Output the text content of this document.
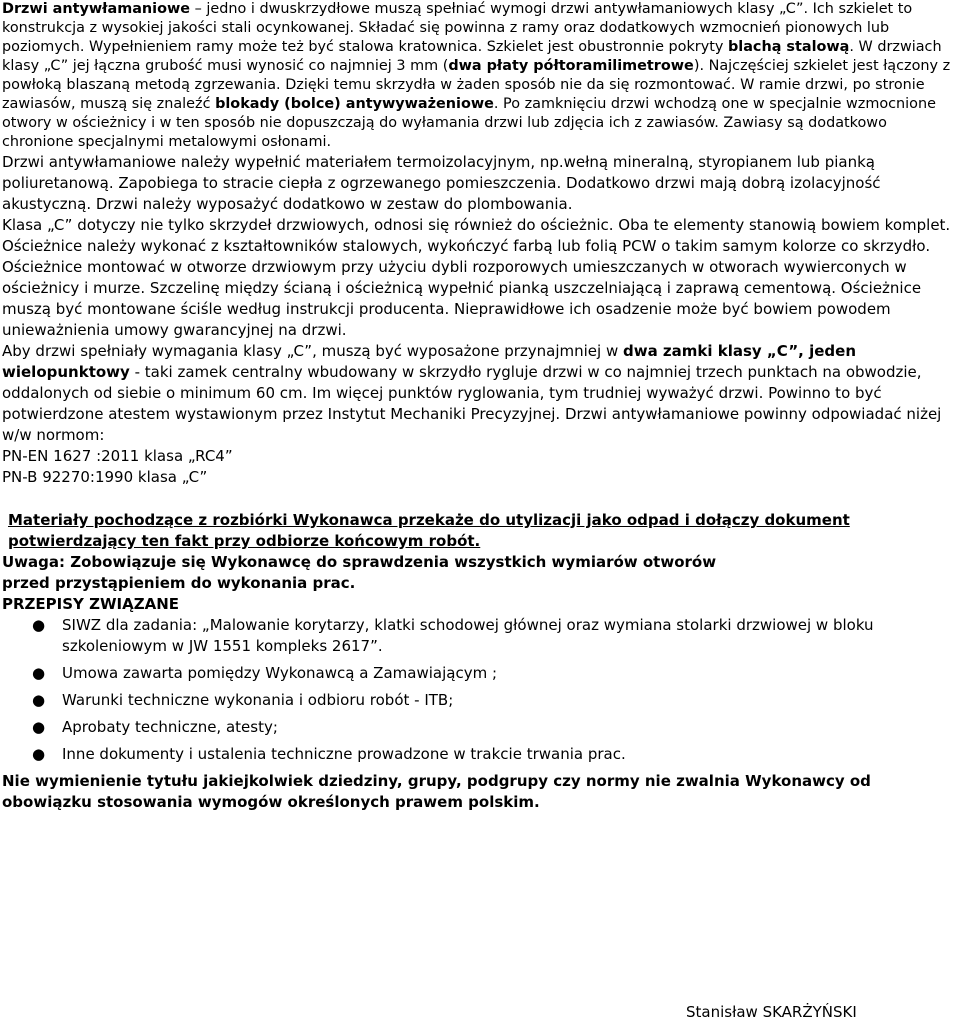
Drzwi antywłamaniowe – jedno i dwuskrzydłowe muszą spełniać wymogi drzwi antywłamaniowych klasy „C”. Ich szkielet to konstrukcja z wysokiej jakości stali ocynkowanej. Składać się powinna z ramy oraz dodatkowych wzmocnień pionowych lub poziomych. Wypełnieniem ramy może też być stalowa kratownica. Szkielet jest obustronnie pokryty blachą stalową. W drzwiach klasy „C” jej łączna grubość musi wynosić co najmniej 3 mm (dwa płaty półtoramilimetrowe). Najczęściej szkielet jest łączony z powłoką blaszaną metodą zgrzewania. Dzięki temu skrzydła w żaden sposób nie da się rozmontować. W ramie drzwi, po stronie zawiasów, muszą się znaleźć blokady (bolce) antywyważeniowe. Po zamknięciu drzwi wchodzą one w specjalnie wzmocnione otwory w ościeżnicy i w ten sposób nie dopuszczają do wyłamania drzwi lub zdjęcia ich z zawiasów. Zawiasy są dodatkowo chronione specjalnymi metalowymi osłonami.

Drzwi antywłamaniowe należy wypełnić materiałem termoizolacyjnym, np.wełną mineralną, styropianem lub pianką poliuretanową. Zapobiega to stracie ciepła z ogrzewanego pomieszczenia. Dodatkowo drzwi mają dobrą izolacyjność akustyczną. Drzwi należy wyposażyć dodatkowo w zestaw do plombowania.

Klasa „C” dotyczy nie tylko skrzydeł drzwiowych, odnosi się również do ościeżnic. Oba te elementy stanowią bowiem komplet. Ościeżnice należy wykonać z kształtowników stalowych, wykończyć farbą lub folią PCW o takim samym kolorze co skrzydło.

Ościeżnice montować w otworze drzwiowym przy użyciu dybli rozporowych umieszczanych w otworach wywierconych w ościeżnicy i murze. Szczelinę między ścianą i ościeżnicą wypełnić pianką uszczelniającą i zaprawą cementową. Ościeżnice muszą być montowane ściśle według instrukcji producenta. Nieprawidłowe ich osadzenie może być bowiem powodem unieważnienia umowy gwarancyjnej na drzwi.

Aby drzwi spełniały wymagania klasy „C”, muszą być wyposażone przynajmniej w dwa zamki klasy „C”, jeden wielopunktowy - taki zamek centralny wbudowany w skrzydło rygluje drzwi w co najmniej trzech punktach na obwodzie, oddalonych od siebie o minimum 60 cm. Im więcej punktów ryglowania, tym trudniej wyważyć drzwi. Powinno to być potwierdzone atestem wystawionym przez Instytut Mechaniki Precyzyjnej. Drzwi antywłamaniowe powinny odpowiadać niżej w/w normom:

PN-EN 1627 :2011 klasa „RC4”

PN-B 92270:1990 klasa „C”

Materiały pochodzące z rozbiórki Wykonawca przekaże do utylizacji jako odpad i dołączy dokument potwierdzający ten fakt przy odbiorze końcowym robót.

Uwaga: Zobowiązuje się Wykonawcę do sprawdzenia wszystkich wymiarów otworów

przed przystąpieniem do wykonania prac.

PRZEPISY ZWIĄZANE

● SIWZ dla zadania: „Malowanie korytarzy, klatki schodowej głównej oraz wymiana stolarki drzwiowej w bloku szkoleniowym w JW 1551 kompleks 2617”.
● Umowa zawarta pomiędzy Wykonawcą a Zamawiającym ;
● Warunki techniczne wykonania i odbioru robót - ITB;
● Aprobaty techniczne, atesty;
● Inne dokumenty i ustalenia techniczne prowadzone w trakcie trwania prac.

Nie wymienienie tytułu jakiejkolwiek dziedziny, grupy, podgrupy czy normy nie zwalnia Wykonawcy od obowiązku stosowania wymogów określonych prawem polskim.

Stanisław SKARŻYŃSKI
